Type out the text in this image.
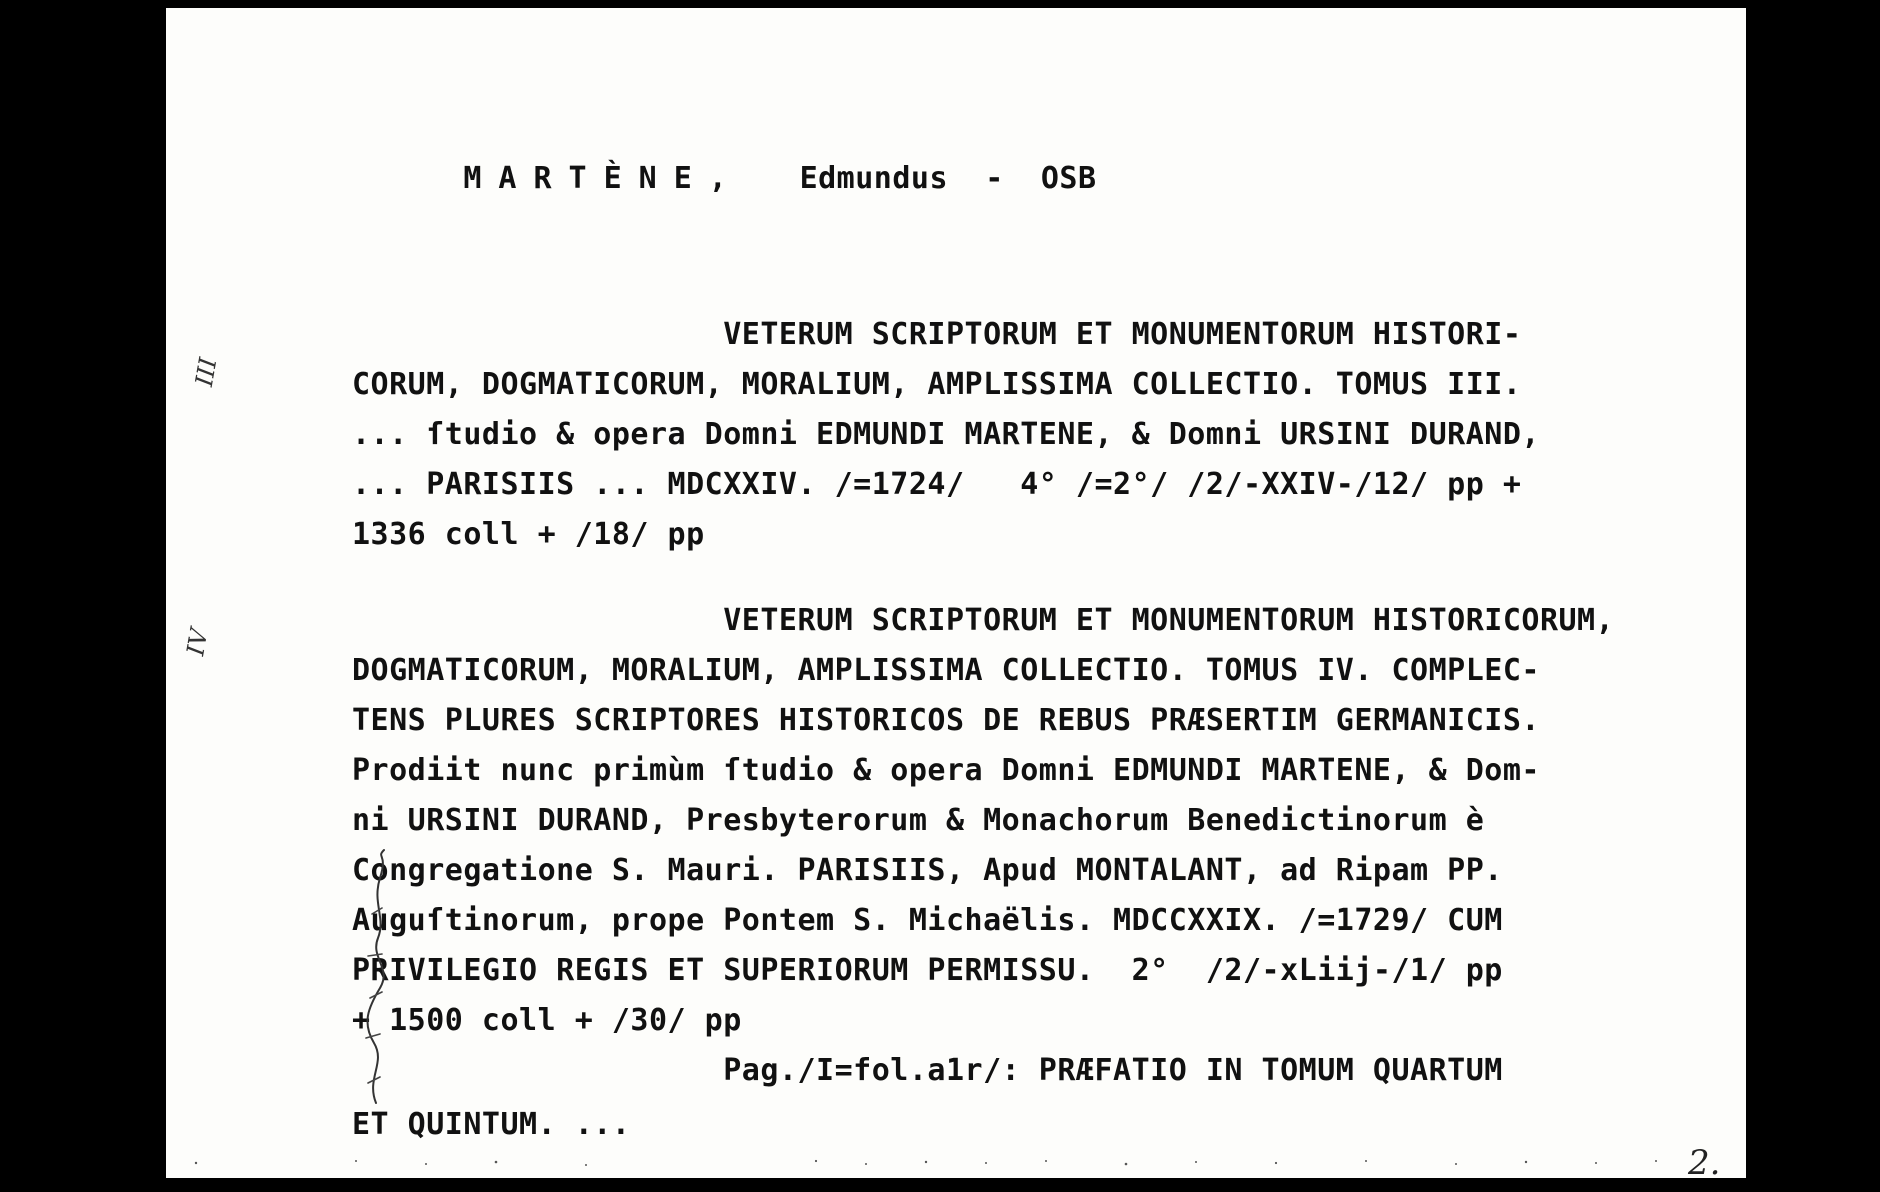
MARTÈNE, Edmundus - OSB

III
VETERUM SCRIPTORUM ET MONUMENTORUM HISTORI-
CORUM, DOGMATICORUM, MORALIUM, AMPLISSIMA COLLECTIO. TOMUS III.
... ſtudio & opera Domni EDMUNDI MARTENE, & Domni URSINI DURAND,
... PARISIIS ... MDCXXIV. /=1724/   4° /=2°/ /2/-XXIV-/12/ pp +
1336 coll + /18/ pp
IV
VETERUM SCRIPTORUM ET MONUMENTORUM HISTORICORUM,
DOGMATICORUM, MORALIUM, AMPLISSIMA COLLECTIO. TOMUS IV. COMPLEC-
TENS PLURES SCRIPTORES HISTORICOS DE REBUS PRÆSERTIM GERMANICIS.
Prodiit nunc primùm ſtudio & opera Domni EDMUNDI MARTENE, & Dom-
ni URSINI DURAND, Presbyterorum & Monachorum Benedictinorum è
Congregatione S. Mauri. PARISIIS, Apud MONTALANT, ad Ripam PP.
Auguſtinorum, prope Pontem S. Michaëlis. MDCCXXIX. /=1729/ CUM
PRIVILEGIO REGIS ET SUPERIORUM PERMISSU.  2°  /2/-xLiij-/1/ pp
+ 1500 coll + /30/ pp
Pag./I=fol.a1r/: PRÆFATIO IN TOMUM QUARTUM
ET QUINTUM. ...
2.
